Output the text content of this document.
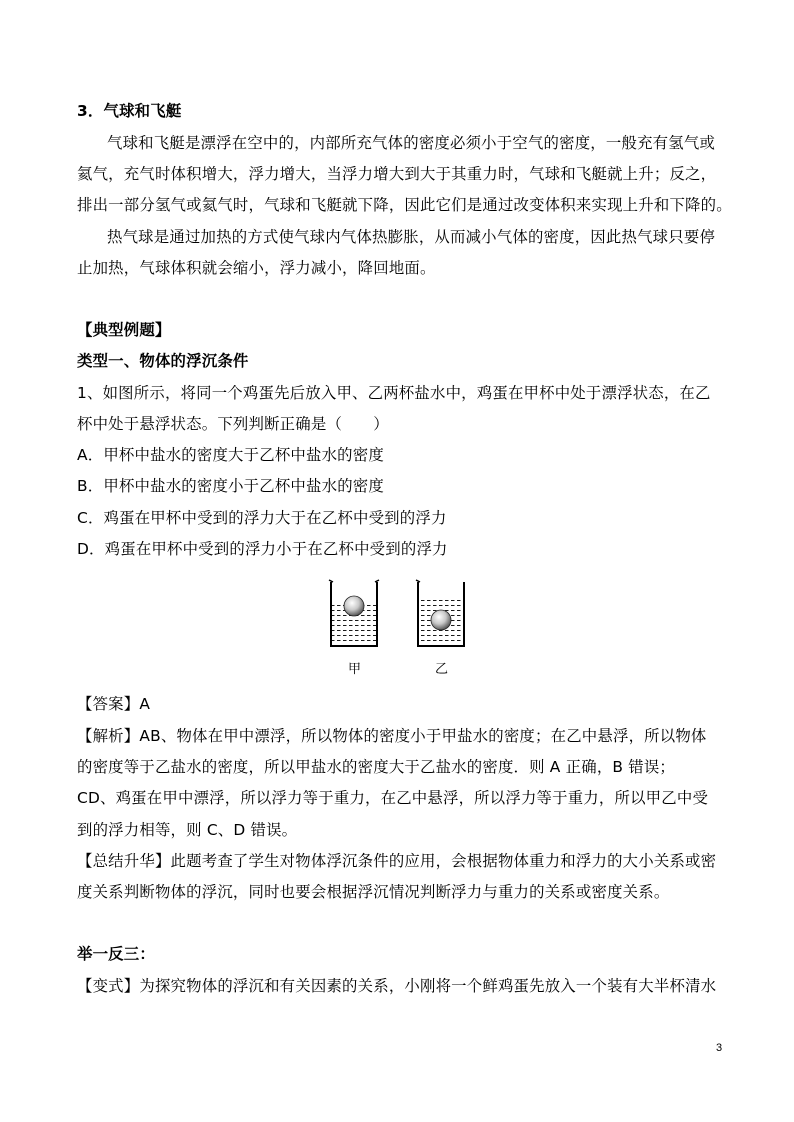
3．气球和飞艇
气球和飞艇是漂浮在空中的，内部所充气体的密度必须小于空气的密度，一般充有氢气或
氦气，充气时体积增大，浮力增大，当浮力增大到大于其重力时，气球和飞艇就上升；反之，
排出一部分氢气或氦气时，气球和飞艇就下降，因此它们是通过改变体积来实现上升和下降的。
热气球是通过加热的方式使气球内气体热膨胀，从而减小气体的密度，因此热气球只要停
止加热，气球体积就会缩小，浮力减小，降回地面。
【典型例题】
类型一、物体的浮沉条件
1、如图所示，将同一个鸡蛋先后放入甲、乙两杯盐水中，鸡蛋在甲杯中处于漂浮状态，在乙
杯中处于悬浮状态。下列判断正确是（　　）
A．甲杯中盐水的密度大于乙杯中盐水的密度
B．甲杯中盐水的密度小于乙杯中盐水的密度
C．鸡蛋在甲杯中受到的浮力大于在乙杯中受到的浮力
D．鸡蛋在甲杯中受到的浮力小于在乙杯中受到的浮力
甲	乙
【答案】A
【解析】AB、物体在甲中漂浮，所以物体的密度小于甲盐水的密度；在乙中悬浮，所以物体
的密度等于乙盐水的密度，所以甲盐水的密度大于乙盐水的密度．则 A 正确，B 错误；
CD、鸡蛋在甲中漂浮，所以浮力等于重力，在乙中悬浮，所以浮力等于重力，所以甲乙中受
到的浮力相等，则 C、D 错误。
【总结升华】此题考查了学生对物体浮沉条件的应用，会根据物体重力和浮力的大小关系或密
度关系判断物体的浮沉，同时也要会根据浮沉情况判断浮力与重力的关系或密度关系。
举一反三：
【变式】为探究物体的浮沉和有关因素的关系，小刚将一个鲜鸡蛋先放入一个装有大半杯清水
3
